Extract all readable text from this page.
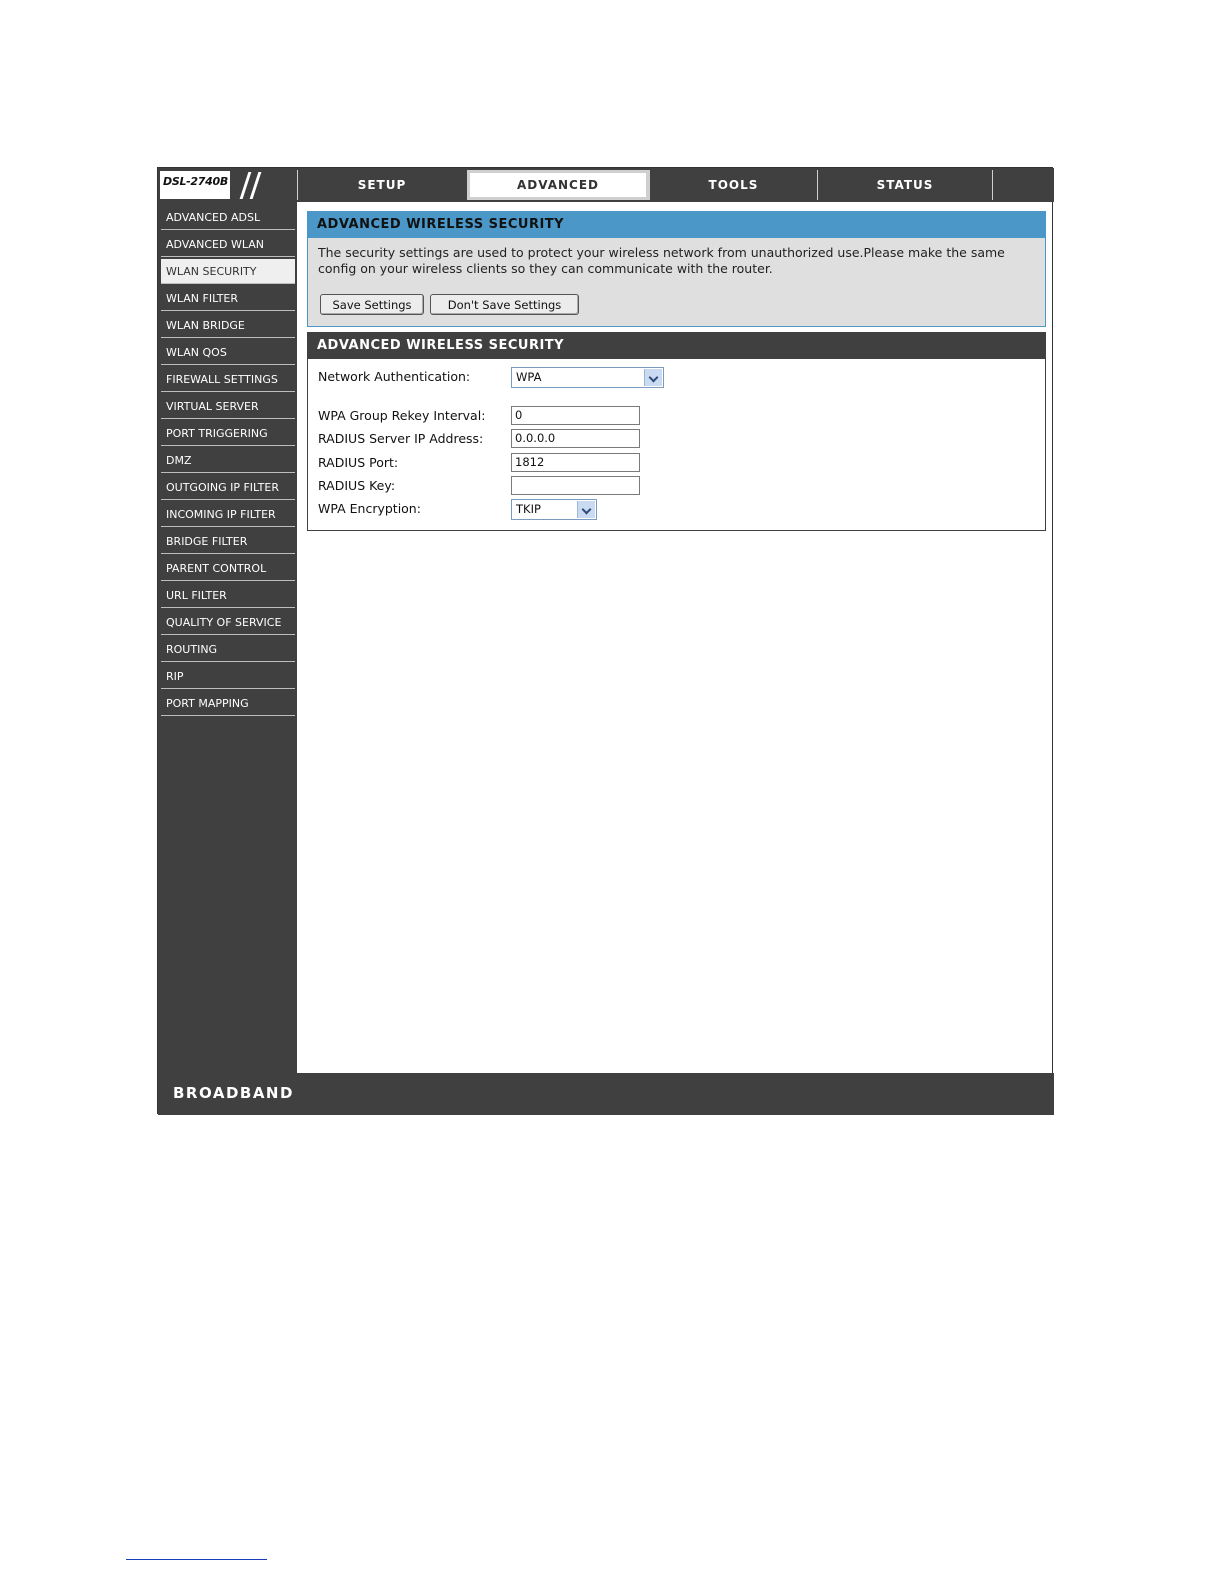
DSL-2740B	SETUP	ADVANCED	TOOLS	STATUS
ADVANCED ADSL
ADVANCED WLAN
WLAN SECURITY
WLAN FILTER
WLAN BRIDGE
WLAN QOS
FIREWALL SETTINGS
VIRTUAL SERVER
PORT TRIGGERING
DMZ
OUTGOING IP FILTER
INCOMING IP FILTER
BRIDGE FILTER
PARENT CONTROL
URL FILTER
QUALITY OF SERVICE
ROUTING
RIP
PORT MAPPING
The security settings are used to protect your wireless network from unauthorized use.Please make the same config on your wireless clients so they can communicate with the router.
Save Settings	Don't Save Settings
ADVANCED WIRELESS SECURITY
Network Authentication:	WPA
WPA Group Rekey Interval:	0
RADIUS Server IP Address:	0.0.0.0
RADIUS Port:	1812
RADIUS Key:
WPA Encryption:	TKIP
ADVANCED WIRELESS SECURITY
BROADBAND
